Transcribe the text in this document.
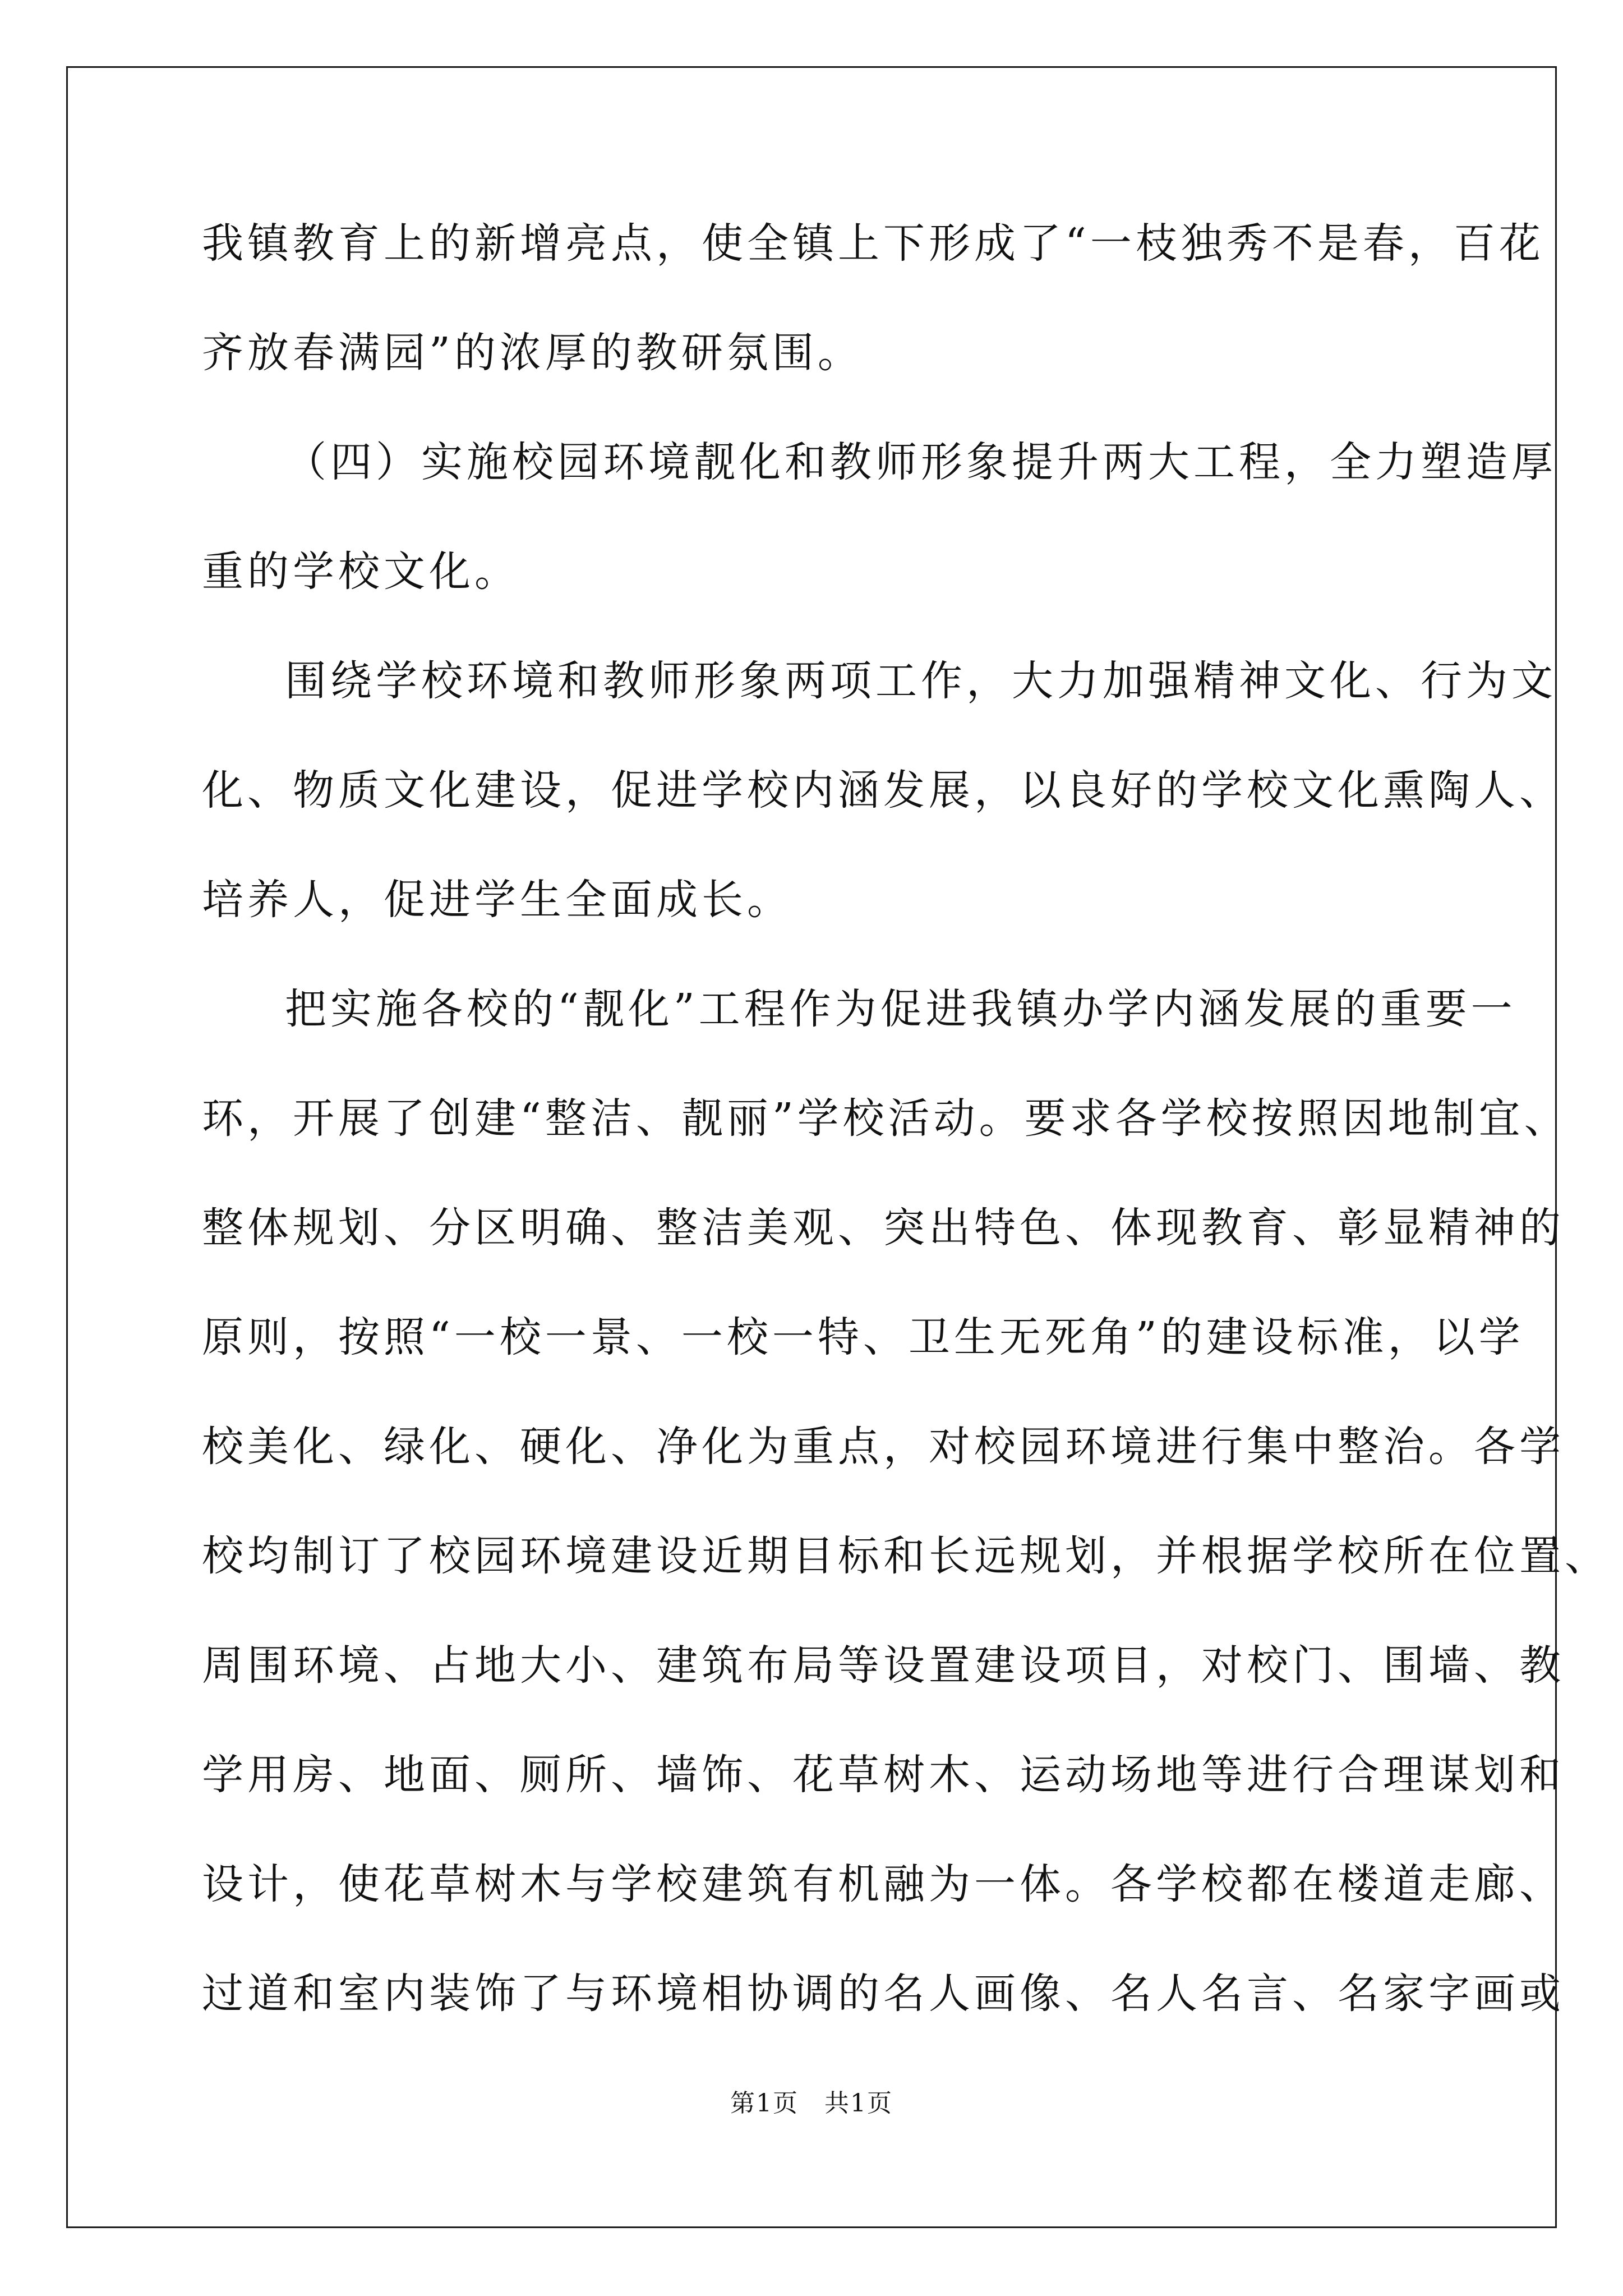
我镇教育上的新增亮点，使全镇上下形成了“一枝独秀不是春，百花
齐放春满园”的浓厚的教研氛围。
（四）实施校园环境靓化和教师形象提升两大工程，全力塑造厚
重的学校文化。
围绕学校环境和教师形象两项工作，大力加强精神文化、行为文
化、物质文化建设，促进学校内涵发展，以良好的学校文化熏陶人、
培养人，促进学生全面成长。
把实施各校的“靓化”工程作为促进我镇办学内涵发展的重要一
环，开展了创建“整洁、靓丽”学校活动。要求各学校按照因地制宜、
整体规划、分区明确、整洁美观、突出特色、体现教育、彰显精神的
原则，按照“一校一景、一校一特、卫生无死角”的建设标准，以学
校美化、绿化、硬化、净化为重点，对校园环境进行集中整治。各学
校均制订了校园环境建设近期目标和长远规划，并根据学校所在位置、
周围环境、占地大小、建筑布局等设置建设项目，对校门、围墙、教
学用房、地面、厕所、墙饰、花草树木、运动场地等进行合理谋划和
设计，使花草树木与学校建筑有机融为一体。各学校都在楼道走廊、
过道和室内装饰了与环境相协调的名人画像、名人名言、名家字画或
第1页　共1页
